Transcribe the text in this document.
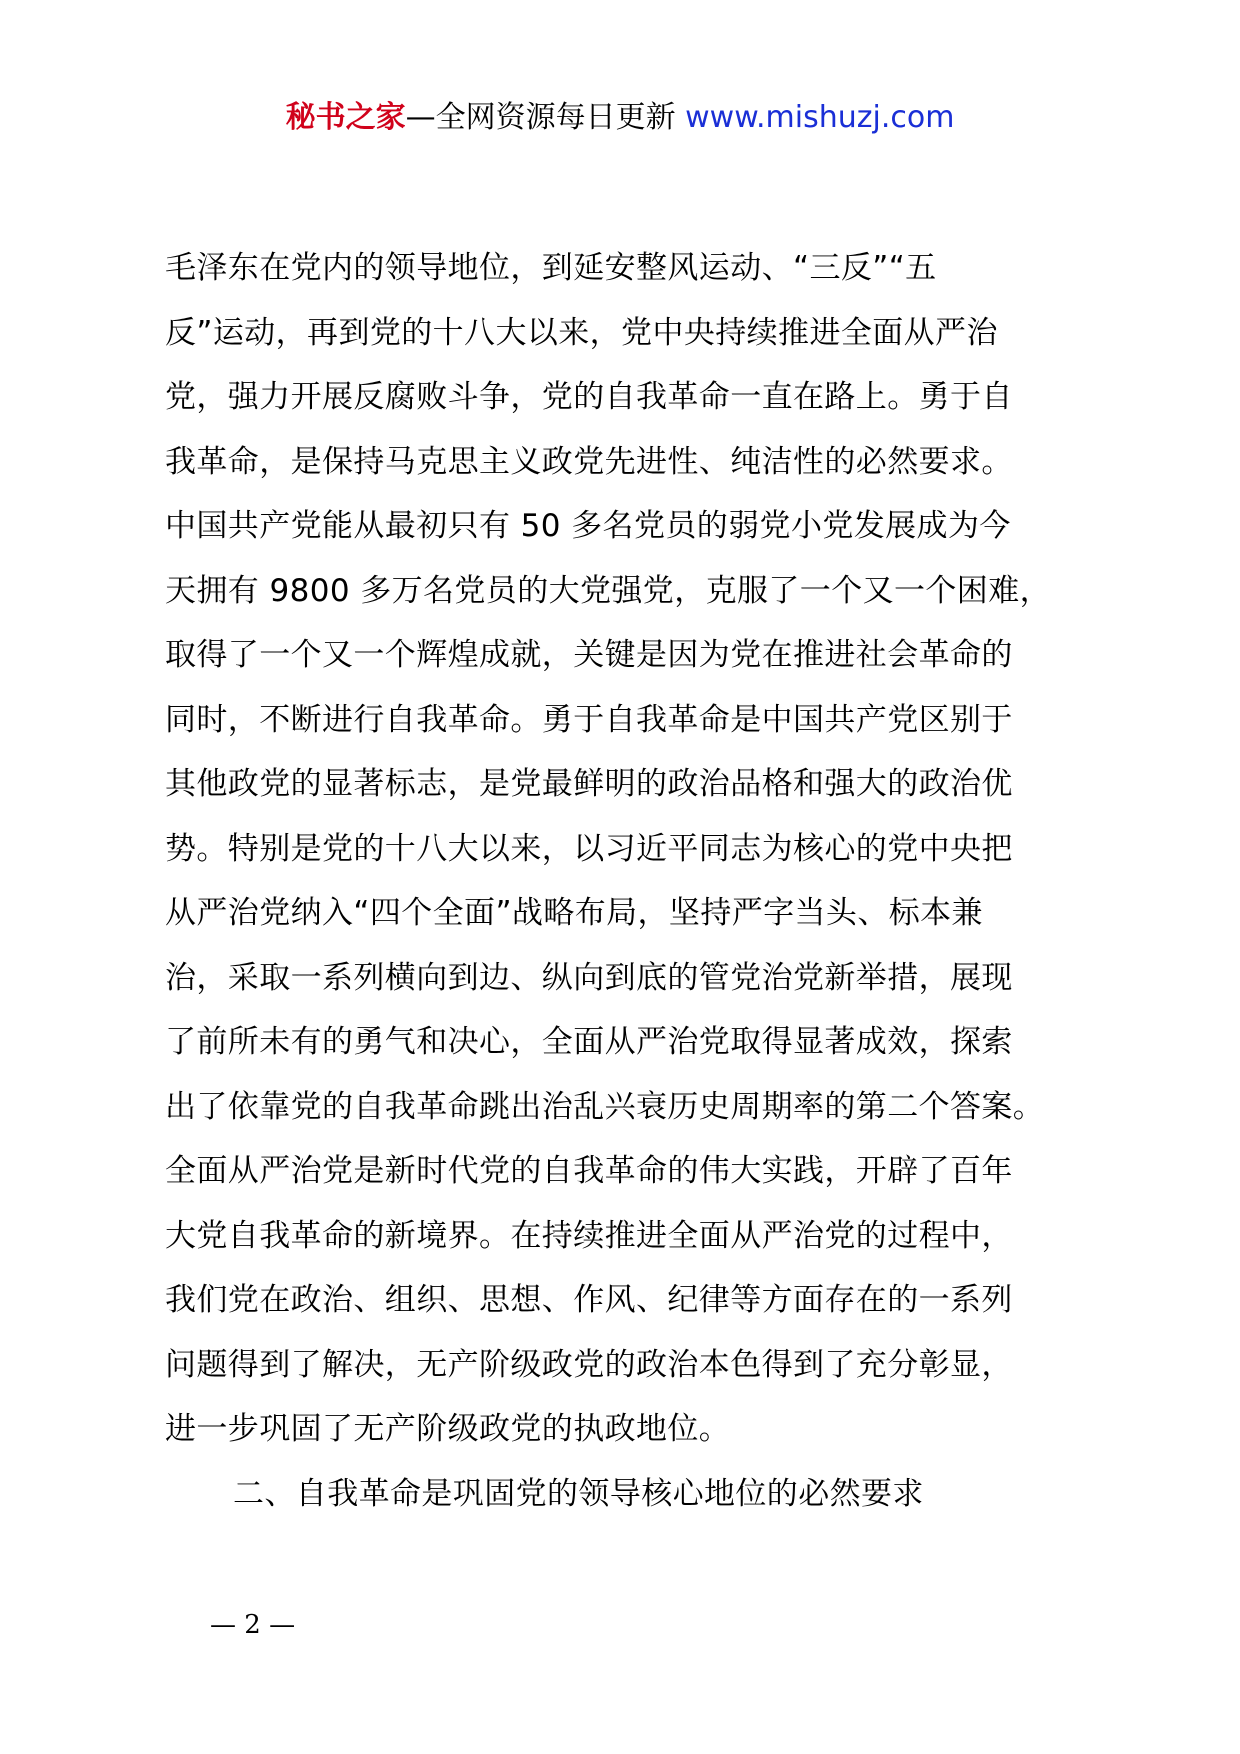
秘书之家—全网资源每日更新 www.mishuzj.com
毛泽东在党内的领导地位，到延安整风运动、“三反”“五
反”运动，再到党的十八大以来，党中央持续推进全面从严治
党，强力开展反腐败斗争，党的自我革命一直在路上。勇于自
我革命，是保持马克思主义政党先进性、纯洁性的必然要求。
中国共产党能从最初只有 50 多名党员的弱党小党发展成为今
天拥有 9800 多万名党员的大党强党，克服了一个又一个困难，
取得了一个又一个辉煌成就，关键是因为党在推进社会革命的
同时，不断进行自我革命。勇于自我革命是中国共产党区别于
其他政党的显著标志，是党最鲜明的政治品格和强大的政治优
势。特别是党的十八大以来，以习近平同志为核心的党中央把
从严治党纳入“四个全面”战略布局，坚持严字当头、标本兼
治，采取一系列横向到边、纵向到底的管党治党新举措，展现
了前所未有的勇气和决心，全面从严治党取得显著成效，探索
出了依靠党的自我革命跳出治乱兴衰历史周期率的第二个答案。
全面从严治党是新时代党的自我革命的伟大实践，开辟了百年
大党自我革命的新境界。在持续推进全面从严治党的过程中，
我们党在政治、组织、思想、作风、纪律等方面存在的一系列
问题得到了解决，无产阶级政党的政治本色得到了充分彰显，
进一步巩固了无产阶级政党的执政地位。
二、自我革命是巩固党的领导核心地位的必然要求
— 2 —
